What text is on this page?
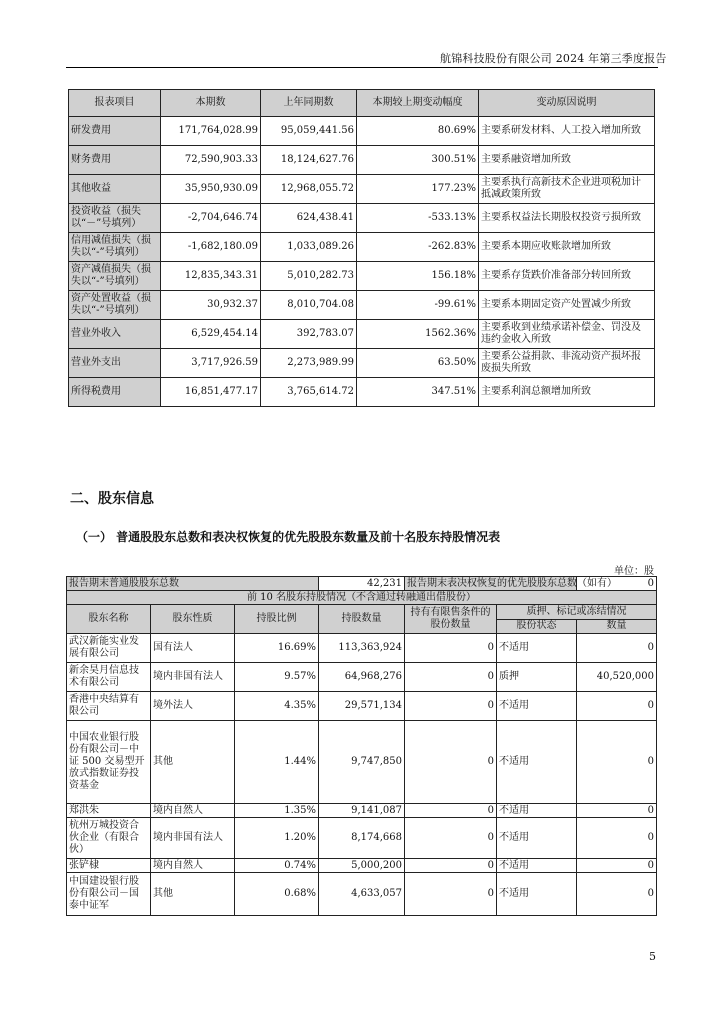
航锦科技股份有限公司 2024 年第三季度报告
报表项目	本期数	上年同期数	本期较上期变动幅度	变动原因说明
研发费用	171,764,028.99	95,059,441.56	80.69%	主要系研发材料、人工投入增加所致
财务费用	72,590,903.33	18,124,627.76	300.51%	主要系融资增加所致
其他收益	35,950,930.09	12,968,055.72	177.23%	主要系执行高新技术企业进项税加计抵减政策所致
投资收益（损失以“－”号填列）	-2,704,646.74	624,438.41	-533.13%	主要系权益法长期股权投资亏损所致
信用减值损失（损失以“-”号填列）	-1,682,180.09	1,033,089.26	-262.83%	主要系本期应收账款增加所致
资产减值损失（损失以“-”号填列）	12,835,343.31	5,010,282.73	156.18%	主要系存货跌价准备部分转回所致
资产处置收益（损失以“-”号填列）	30,932.37	8,010,704.08	-99.61%	主要系本期固定资产处置减少所致
营业外收入	6,529,454.14	392,783.07	1562.36%	主要系收到业绩承诺补偿金、罚没及违约金收入所致
营业外支出	3,717,926.59	2,273,989.99	63.50%	主要系公益捐款、非流动资产损坏报废损失所致
所得税费用	16,851,477.17	3,765,614.72	347.51%	主要系利润总额增加所致
二、股东信息
（一） 普通股股东总数和表决权恢复的优先股股东数量及前十名股东持股情况表
单位：股
报告期末普通股股东总数			42,231	报告期末表决权恢复的优先股股东总数（如有）		0
前 10 名股东持股情况（不含通过转融通出借股份）						
股东名称	股东性质	持股比例	持股数量	持有有限售条件的股份数量	质押、标记或冻结情况	
					股份状态	数量
武汉新能实业发展有限公司	国有法人	16.69%	113,363,924	0	不适用	0
新余昊月信息技术有限公司	境内非国有法人	9.57%	64,968,276	0	质押	40,520,000
香港中央结算有限公司	境外法人	4.35%	29,571,134	0	不适用	0
中国农业银行股份有限公司－中证 500 交易型开放式指数证券投资基金	其他	1.44%	9,747,850	0	不适用	0
郑洪朱	境内自然人	1.35%	9,141,087	0	不适用	0
杭州万城投资合伙企业（有限合伙）	境内非国有法人	1.20%	8,174,668	0	不适用	0
张铲棣	境内自然人	0.74%	5,000,200	0	不适用	0
中国建设银行股份有限公司－国泰中证军	其他	0.68%	4,633,057	0	不适用	0
5
